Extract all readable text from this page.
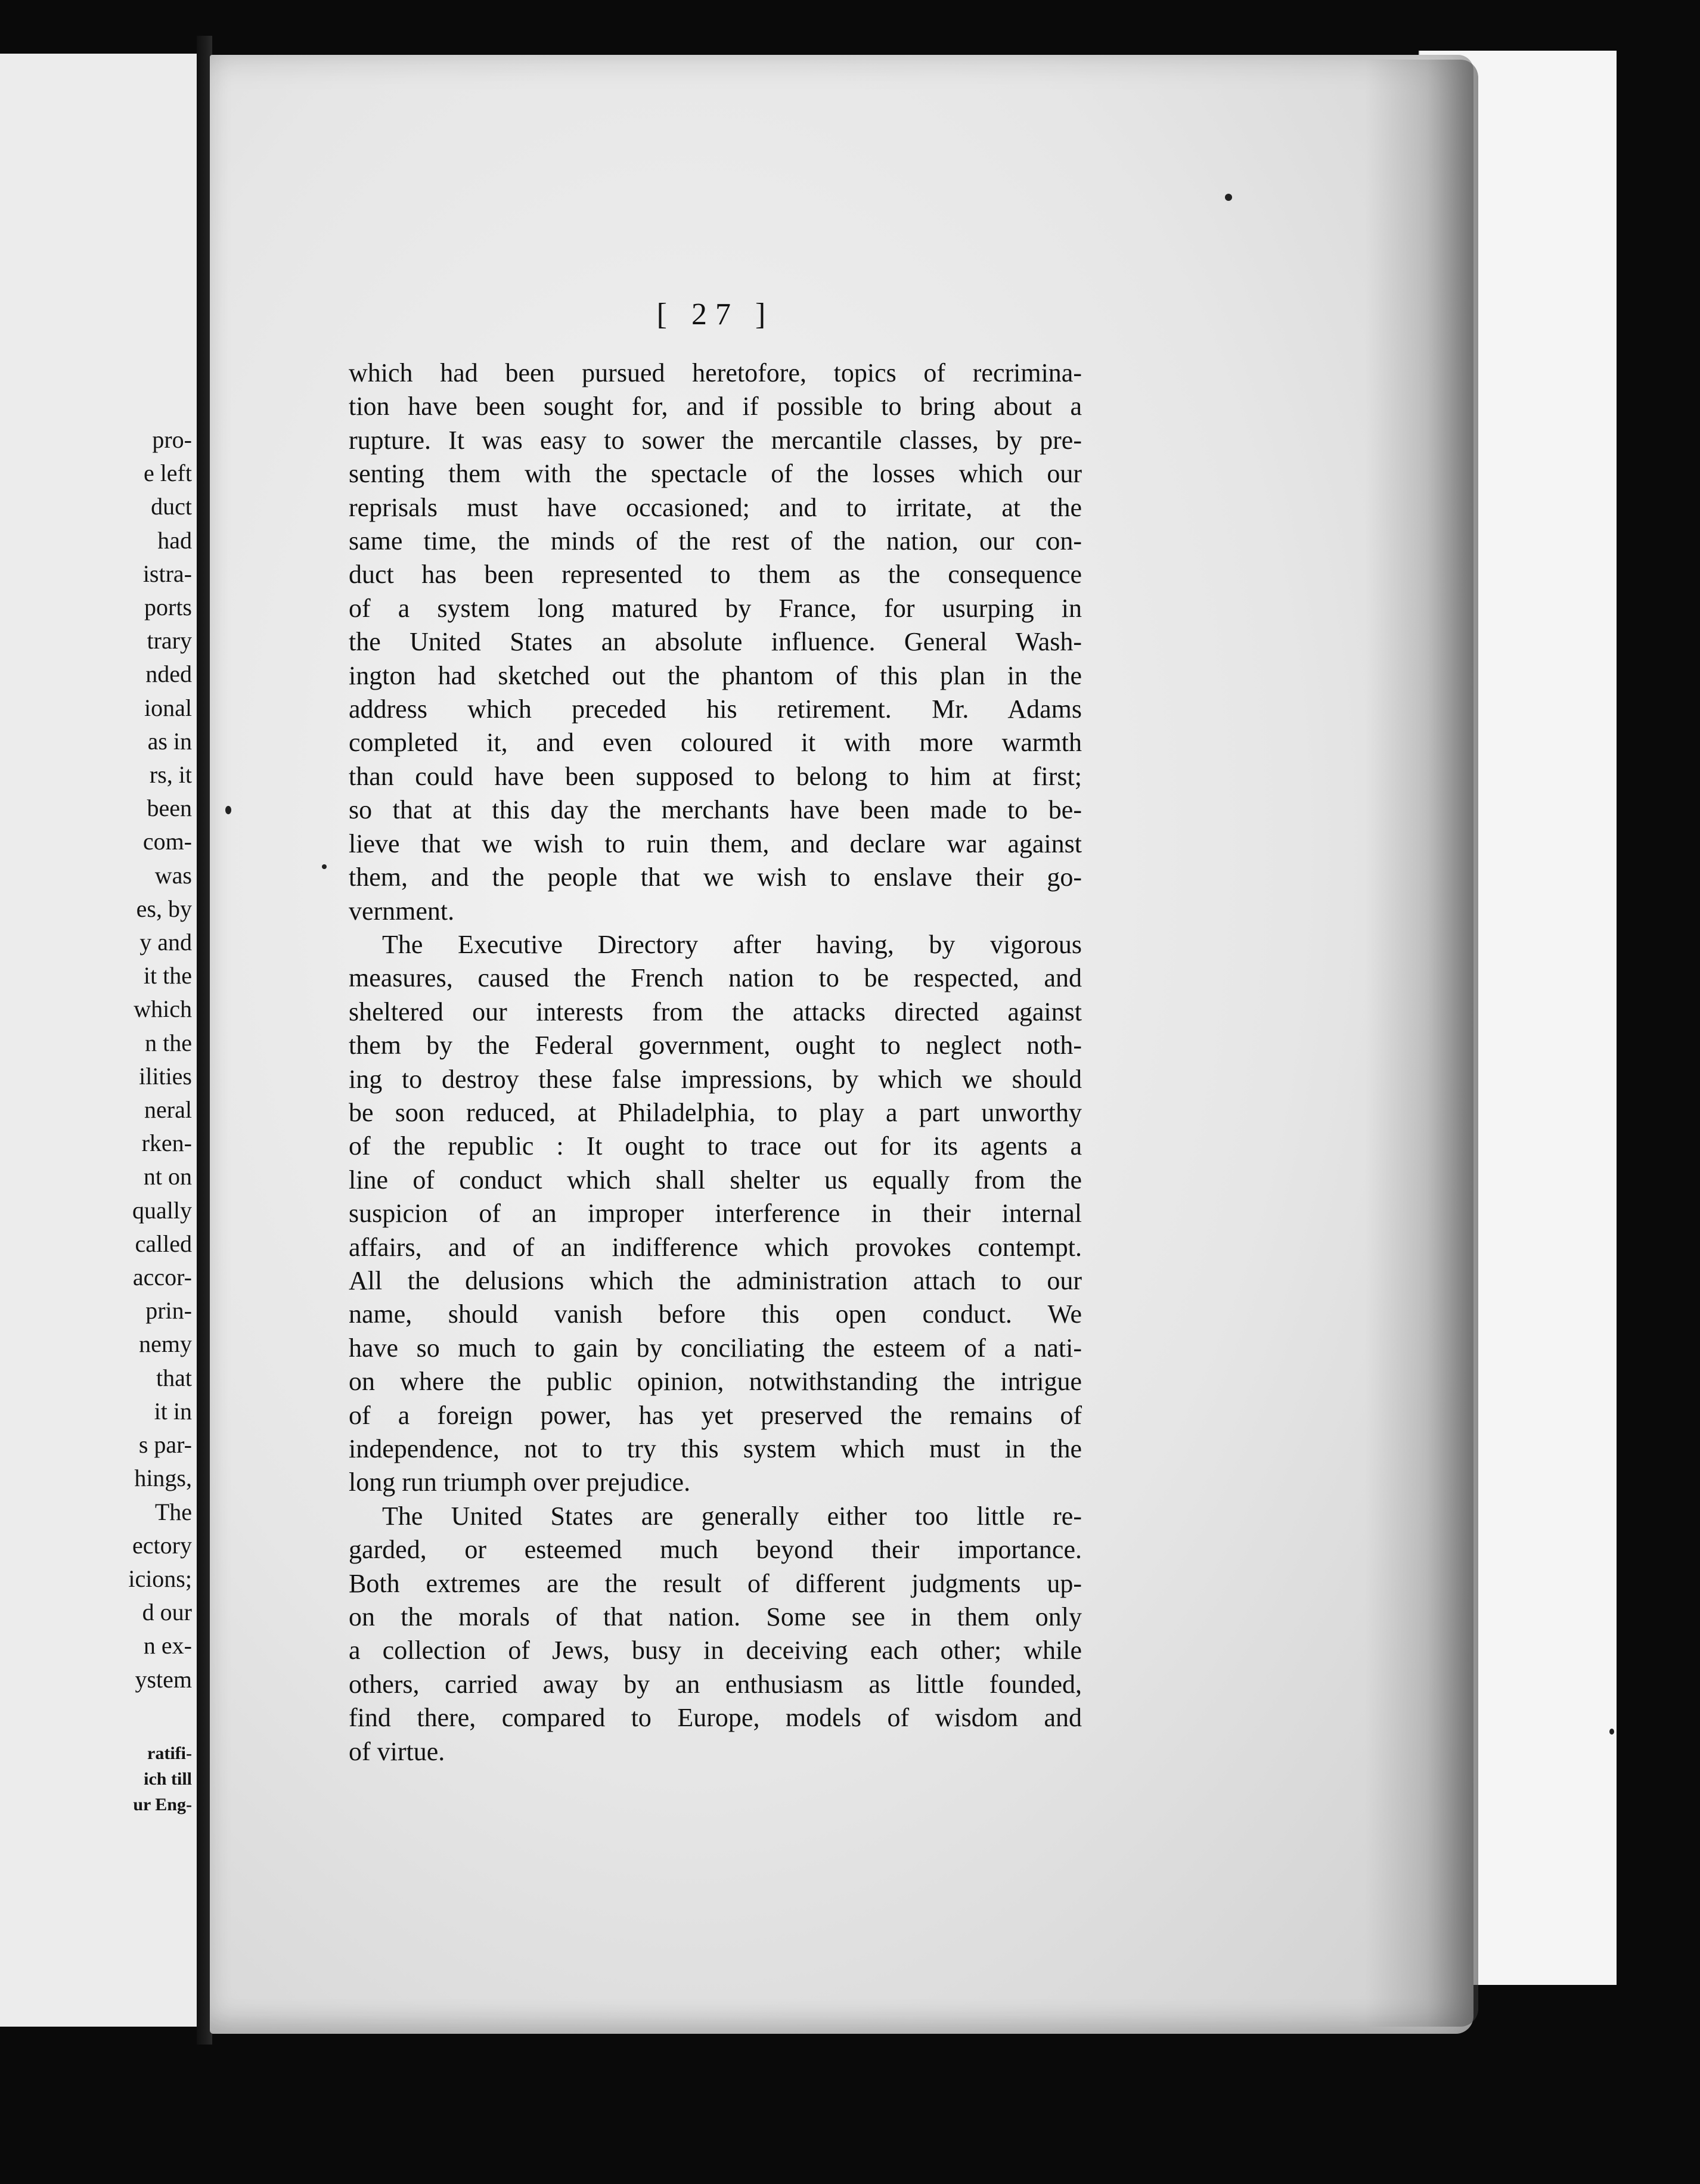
pro-
e left
duct
had
istra-
ports
trary
nded
ional
as in
rs, it
been
com-
was
es, by
y and
it the
which
n the
ilities
neral
rken-
nt on
qually
called
accor-
prin-
nemy
that
it in
s par-
hings,
The
ectory
icions;
d our
n ex-
ystem
ratifi-
ich till
ur Eng-
[ 27 ]
which had been pursued heretofore, topics of recrimina-
tion have been sought for, and if possible to bring about a
rupture. It was easy to sower the mercantile classes, by pre-
senting them with the spectacle of the losses which our
reprisals must have occasioned; and to irritate, at the
same time, the minds of the rest of the nation, our con-
duct has been represented to them as the consequence
of a system long matured by France, for usurping in
the United States an absolute influence. General Wash-
ington had sketched out the phantom of this plan in the
address which preceded his retirement. Mr. Adams
completed it, and even coloured it with more warmth
than could have been supposed to belong to him at first;
so that at this day the merchants have been made to be-
lieve that we wish to ruin them, and declare war against
them, and the people that we wish to enslave their go-
vernment.
The Executive Directory after having, by vigorous
measures, caused the French nation to be respected, and
sheltered our interests from the attacks directed against
them by the Federal government, ought to neglect noth-
ing to destroy these false impressions, by which we should
be soon reduced, at Philadelphia, to play a part unworthy
of the republic : It ought to trace out for its agents a
line of conduct which shall shelter us equally from the
suspicion of an improper interference in their internal
affairs, and of an indifference which provokes contempt.
All the delusions which the administration attach to our
name, should vanish before this open conduct. We
have so much to gain by conciliating the esteem of a nati-
on where the public opinion, notwithstanding the intrigue
of a foreign power, has yet preserved the remains of
independence, not to try this system which must in the
long run triumph over prejudice.
The United States are generally either too little re-
garded, or esteemed much beyond their importance.
Both extremes are the result of different judgments up-
on the morals of that nation. Some see in them only
a collection of Jews, busy in deceiving each other; while
others, carried away by an enthusiasm as little founded,
find there, compared to Europe, models of wisdom and
of virtue.
